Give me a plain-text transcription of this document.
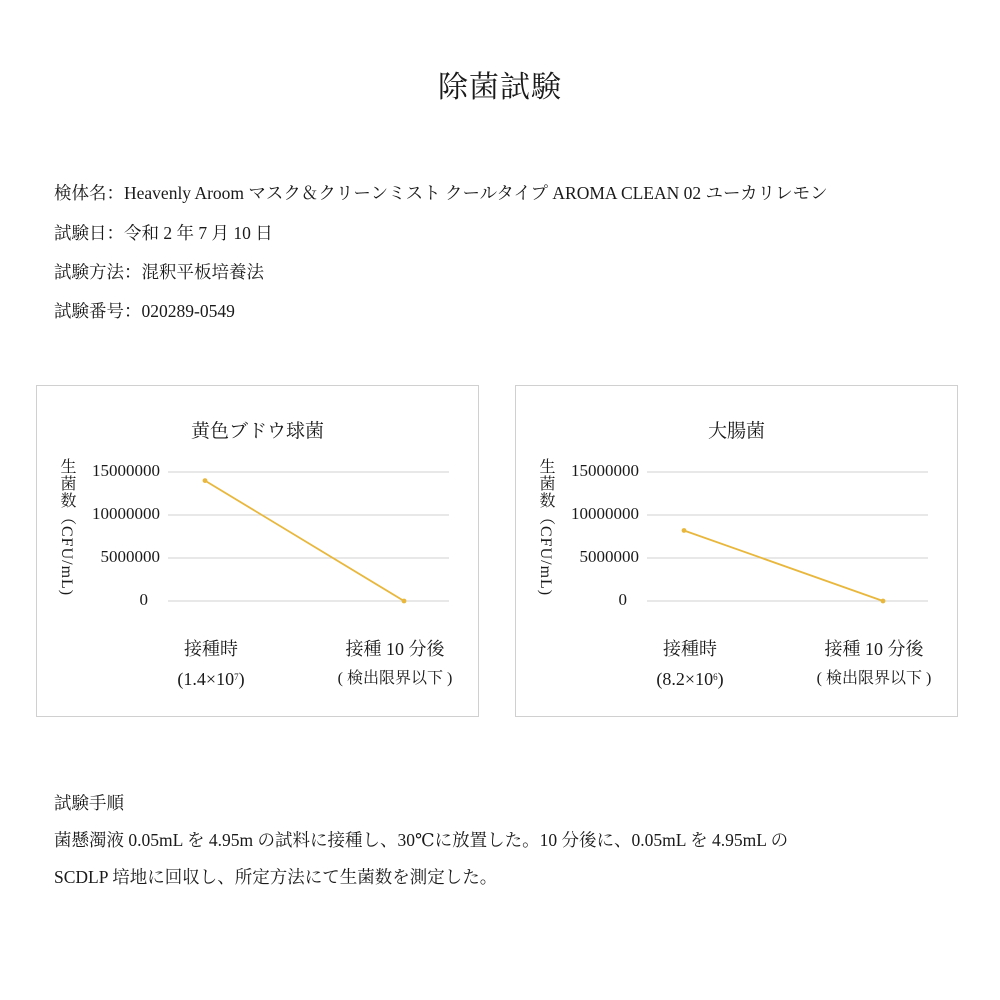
除菌試験
検体名：Heavenly Aroom マスク＆クリーンミスト クールタイプ AROMA CLEAN 02 ユーカリレモン
試験日：令和 2 年 7 月 10 日
試験方法：混釈平板培養法
試験番号：020289-0549
黄色ブドウ球菌
生菌数（CFU/mL)	15000000
10000000
5000000
0
接種時
$(1.4\times 10^7)$
接種 10 分後
( 検出限界以下 )
大腸菌
生菌数（CFU/mL)	15000000
10000000
5000000
0
接種時
$(8.2\times 10^6)$
接種 10 分後
( 検出限界以下 )
試験手順
菌懸濁液 0.05mL を 4.95m の試料に接種し、30℃に放置した。10 分後に、0.05mL を 4.95mL の
SCDLP 培地に回収し、所定方法にて生菌数を測定した。
